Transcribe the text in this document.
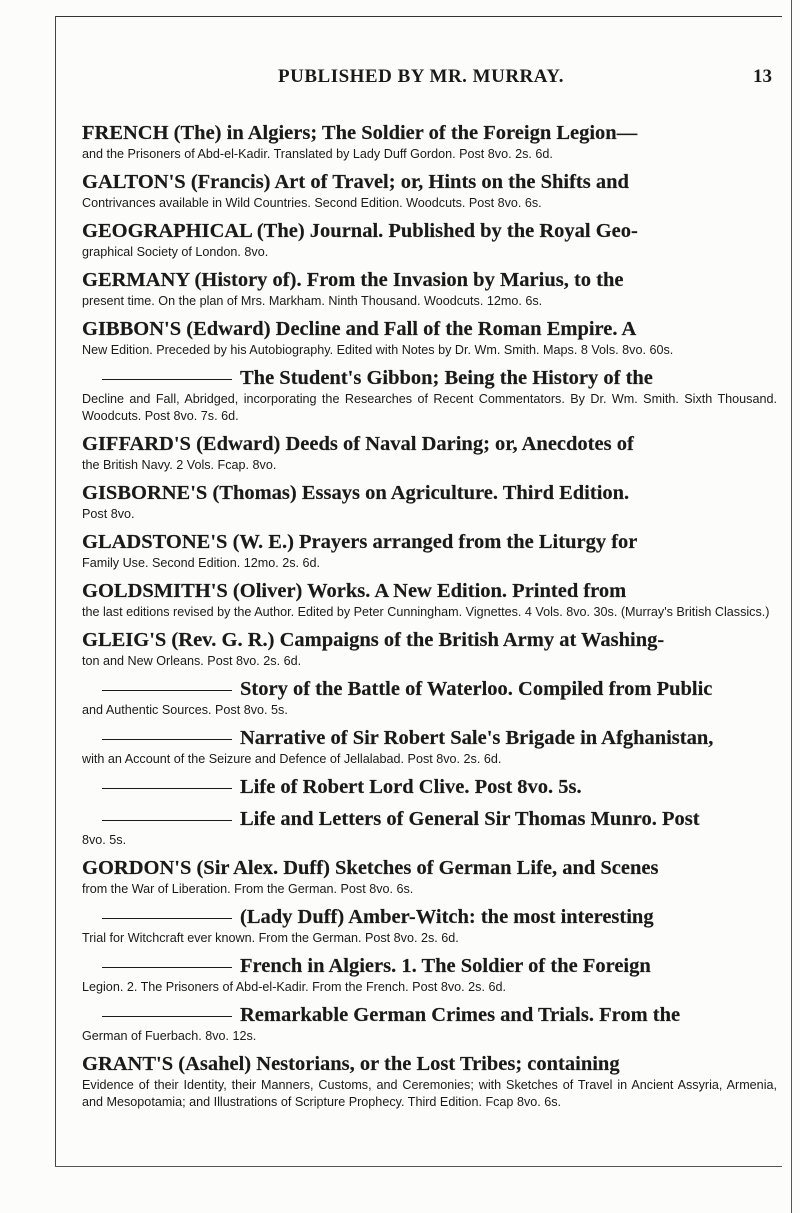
PUBLISHED BY MR. MURRAY.	13
FRENCH (The) in Algiers; The Soldier of the Foreign Legion—
and the Prisoners of Abd-el-Kadir. Translated by Lady Duff Gordon. Post 8vo. 2s. 6d.
GALTON'S (Francis) Art of Travel; or, Hints on the Shifts and
Contrivances available in Wild Countries. Second Edition. Woodcuts. Post 8vo. 6s.
GEOGRAPHICAL (The) Journal. Published by the Royal Geo-
graphical Society of London. 8vo.
GERMANY (History of). From the Invasion by Marius, to the
present time. On the plan of Mrs. Markham. Ninth Thousand. Woodcuts. 12mo. 6s.
GIBBON'S (Edward) Decline and Fall of the Roman Empire. A
New Edition. Preceded by his Autobiography. Edited with Notes by Dr. Wm. Smith. Maps. 8 Vols. 8vo. 60s.
The Student's Gibbon; Being the History of the
Decline and Fall, Abridged, incorporating the Researches of Recent Commentators. By Dr. Wm. Smith. Sixth Thousand. Woodcuts. Post 8vo. 7s. 6d.
GIFFARD'S (Edward) Deeds of Naval Daring; or, Anecdotes of
the British Navy. 2 Vols. Fcap. 8vo.
GISBORNE'S (Thomas) Essays on Agriculture. Third Edition.
Post 8vo.
GLADSTONE'S (W. E.) Prayers arranged from the Liturgy for
Family Use. Second Edition. 12mo. 2s. 6d.
GOLDSMITH'S (Oliver) Works. A New Edition. Printed from
the last editions revised by the Author. Edited by Peter Cunningham. Vignettes. 4 Vols. 8vo. 30s. (Murray's British Classics.)
GLEIG'S (Rev. G. R.) Campaigns of the British Army at Washing-
ton and New Orleans. Post 8vo. 2s. 6d.
Story of the Battle of Waterloo. Compiled from Public
and Authentic Sources. Post 8vo. 5s.
Narrative of Sir Robert Sale's Brigade in Afghanistan,
with an Account of the Seizure and Defence of Jellalabad. Post 8vo. 2s. 6d.
Life of Robert Lord Clive. Post 8vo. 5s.
Life and Letters of General Sir Thomas Munro. Post
8vo. 5s.
GORDON'S (Sir Alex. Duff) Sketches of German Life, and Scenes
from the War of Liberation. From the German. Post 8vo. 6s.
(Lady Duff) Amber-Witch: the most interesting
Trial for Witchcraft ever known. From the German. Post 8vo. 2s. 6d.
French in Algiers. 1. The Soldier of the Foreign
Legion. 2. The Prisoners of Abd-el-Kadir. From the French. Post 8vo. 2s. 6d.
Remarkable German Crimes and Trials. From the
German of Fuerbach. 8vo. 12s.
GRANT'S (Asahel) Nestorians, or the Lost Tribes; containing
Evidence of their Identity, their Manners, Customs, and Ceremonies; with Sketches of Travel in Ancient Assyria, Armenia, and Mesopotamia; and Illustrations of Scripture Prophecy. Third Edition. Fcap 8vo. 6s.
